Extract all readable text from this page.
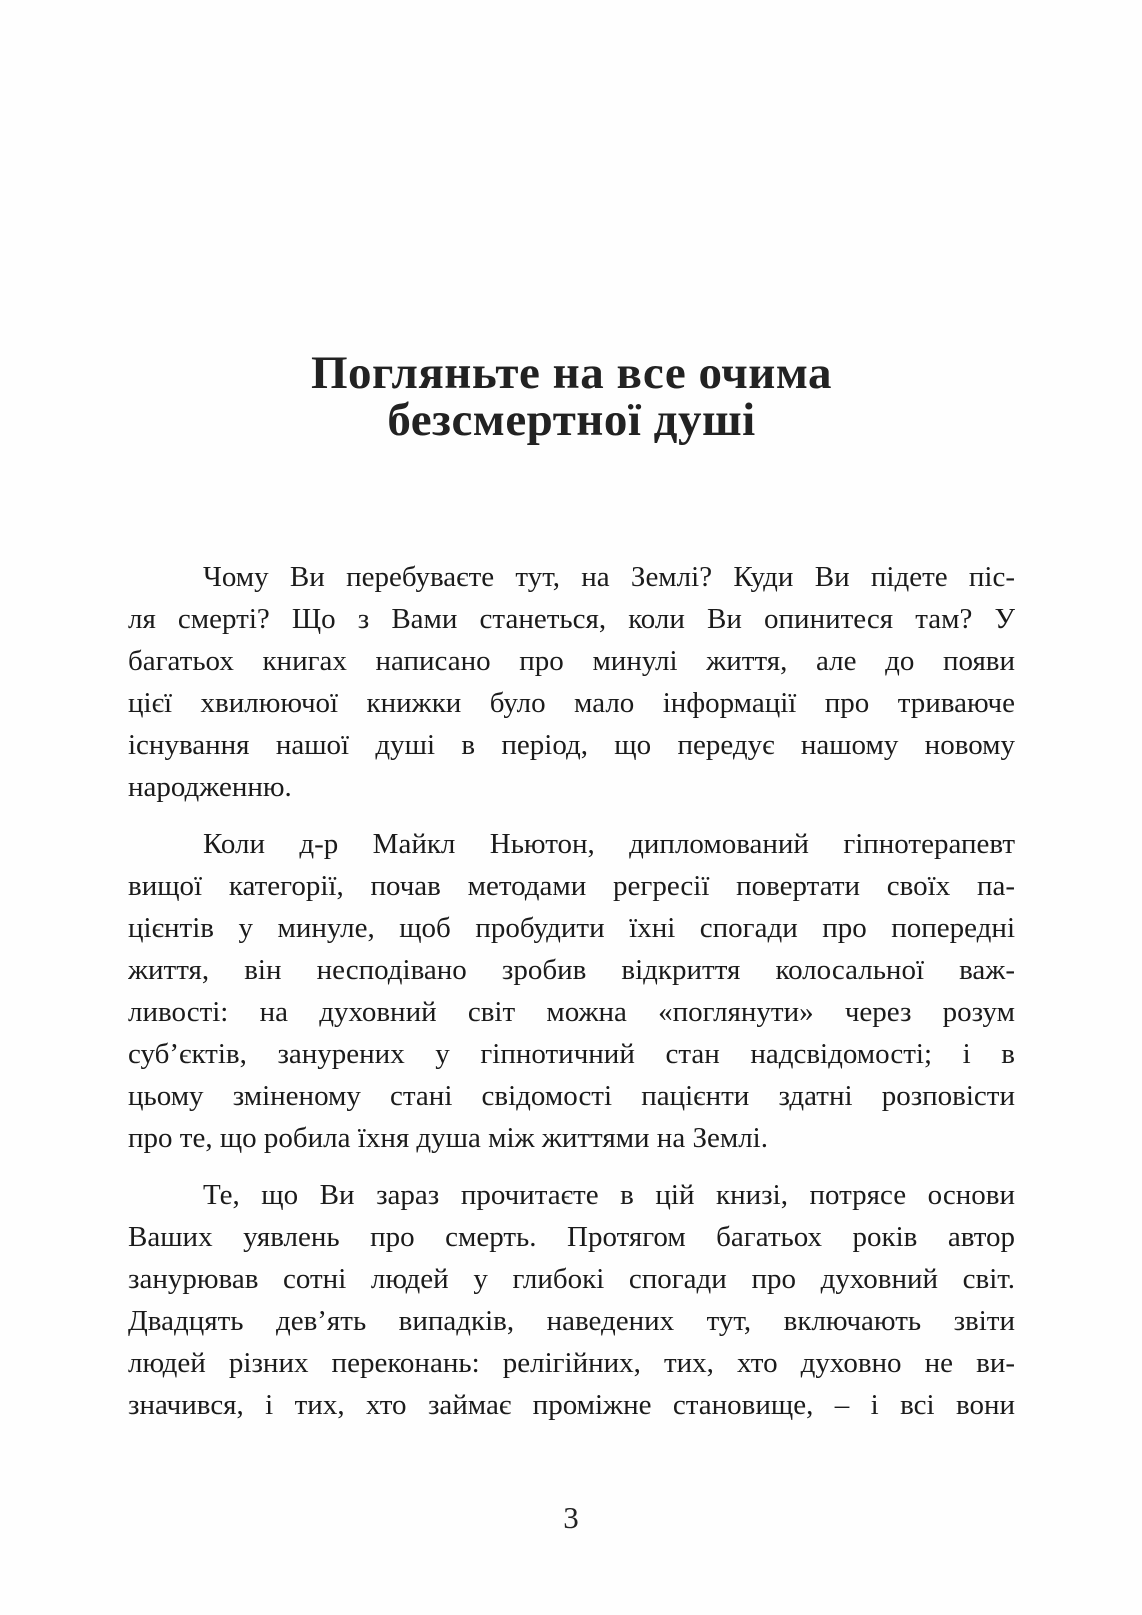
Погляньте на все очима
безсмертної душі
Чому Ви перебуваєте тут, на Землі? Куди Ви підете піс-
ля смерті? Що з Вами станеться, коли Ви опинитеся там? У
багатьох книгах написано про минулі життя, але до появи
цієї хвилюючої книжки було мало інформації про триваюче
існування нашої душі в період, що передує нашому новому
народженню.
Коли д-р Майкл Ньютон, дипломований гіпнотерапевт
вищої категорії, почав методами регресії повертати своїх па-
цієнтів у минуле, щоб пробудити їхні спогади про попередні
життя, він несподівано зробив відкриття колосальної важ-
ливості: на духовний світ можна «поглянути» через розум
суб’єктів, занурених у гіпнотичний стан надсвідомості; і в
цьому зміненому стані свідомості пацієнти здатні розповісти
про те, що робила їхня душа між життями на Землі.
Те, що Ви зараз прочитаєте в цій книзі, потрясе основи
Ваших уявлень про смерть. Протягом багатьох років автор
занурював сотні людей у глибокі спогади про духовний світ.
Двадцять дев’ять випадків, наведених тут, включають звіти
людей різних переконань: релігійних, тих, хто духовно не ви-
значився, і тих, хто займає проміжне становище, – і всі вони
3
